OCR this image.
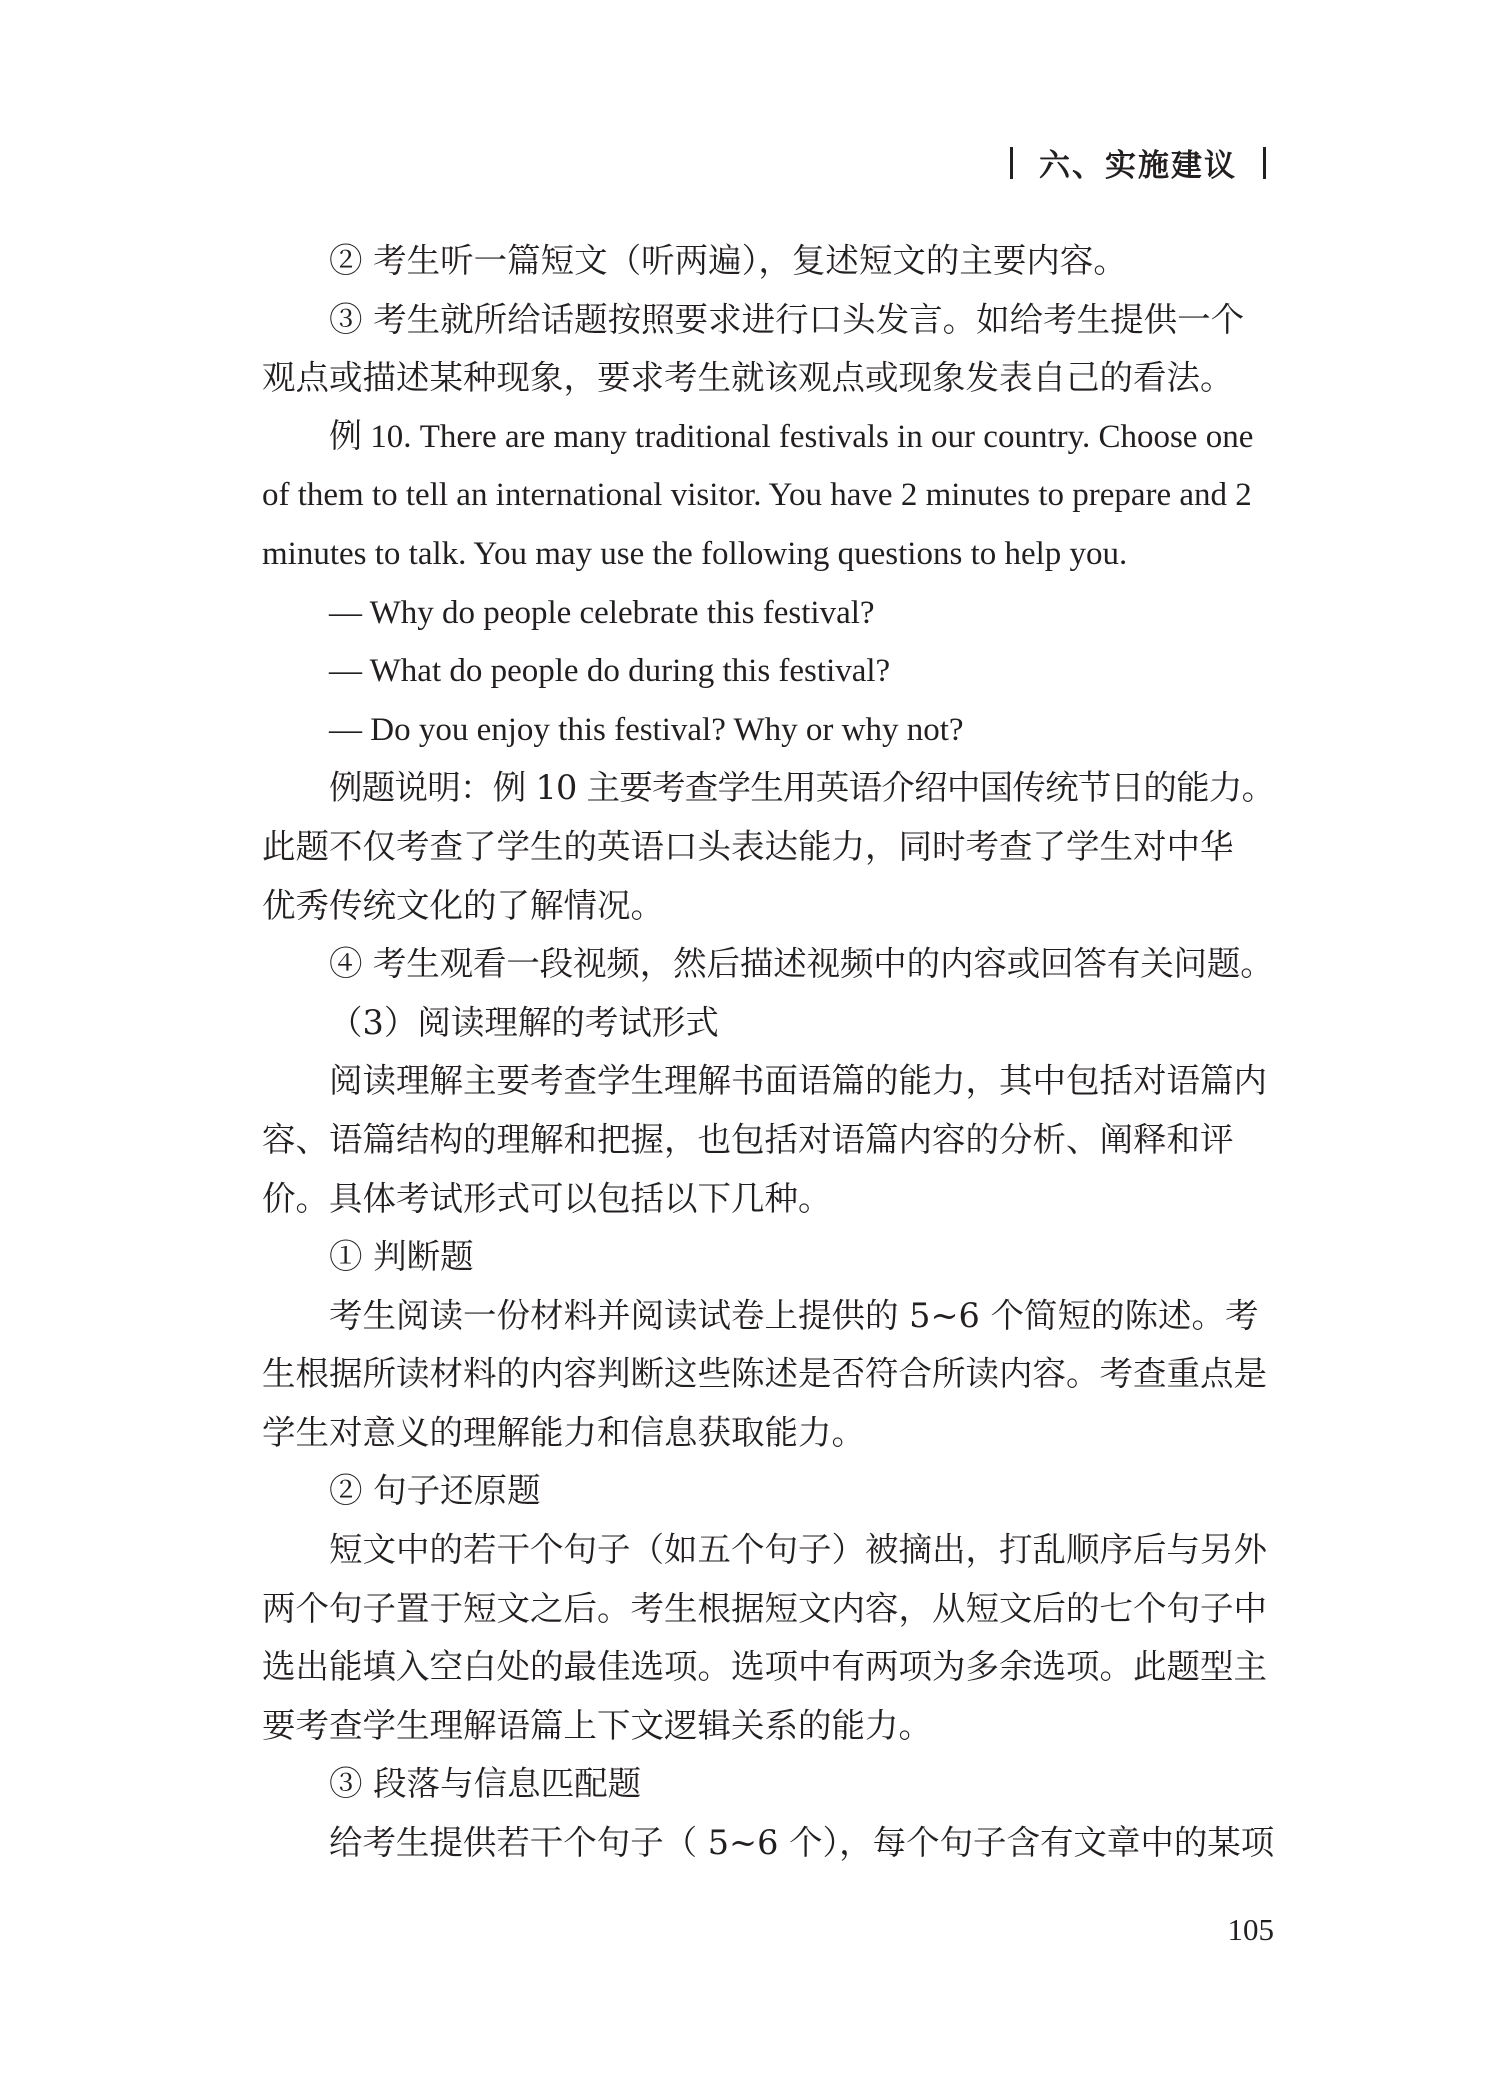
六、实施建议
② 考生听一篇短文（听两遍），复述短文的主要内容。
③ 考生就所给话题按照要求进行口头发言。如给考生提供一个
观点或描述某种现象，要求考生就该观点或现象发表自己的看法。
例 10. There are many traditional festivals in our country. Choose one
of them to tell an international visitor. You have 2 minutes to prepare and 2
minutes to talk. You may use the following questions to help you.
— Why do people celebrate this festival?
— What do people do during this festival?
— Do you enjoy this festival? Why or why not?
例题说明：例 10 主要考查学生用英语介绍中国传统节日的能力。
此题不仅考查了学生的英语口头表达能力，同时考查了学生对中华
优秀传统文化的了解情况。
④ 考生观看一段视频，然后描述视频中的内容或回答有关问题。
（3）阅读理解的考试形式
阅读理解主要考查学生理解书面语篇的能力，其中包括对语篇内
容、语篇结构的理解和把握，也包括对语篇内容的分析、阐释和评
价。具体考试形式可以包括以下几种。
① 判断题
考生阅读一份材料并阅读试卷上提供的 5~6 个简短的陈述。考
生根据所读材料的内容判断这些陈述是否符合所读内容。考查重点是
学生对意义的理解能力和信息获取能力。
② 句子还原题
短文中的若干个句子（如五个句子）被摘出，打乱顺序后与另外
两个句子置于短文之后。考生根据短文内容，从短文后的七个句子中
选出能填入空白处的最佳选项。选项中有两项为多余选项。此题型主
要考查学生理解语篇上下文逻辑关系的能力。
③ 段落与信息匹配题
给考生提供若干个句子（ 5~6 个），每个句子含有文章中的某项
105
